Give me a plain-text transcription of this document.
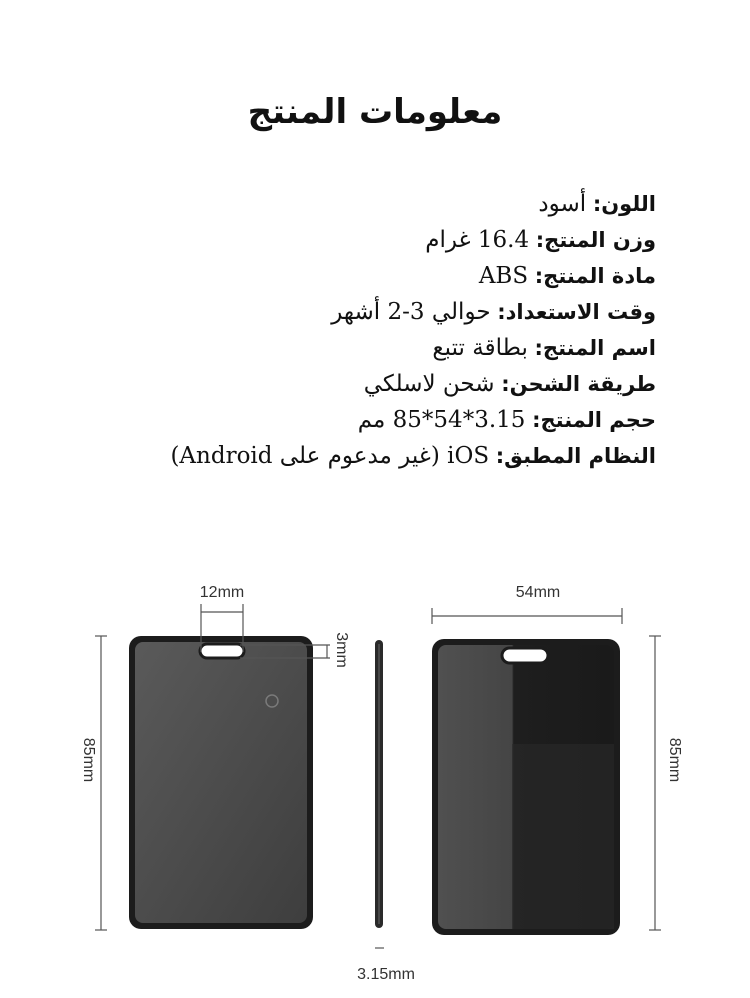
معلومات المنتج
اللون: أسود
وزن المنتج: 16.4 غرام
مادة المنتج: ABS
وقت الاستعداد: حوالي 3-2 أشهر
اسم المنتج: بطاقة تتبع
طريقة الشحن: شحن لاسلكي
حجم المنتج: 3.15*54*85 مم
النظام المطبق: iOS (غير مدعوم على Android)
12mm
3mm
85mm
3.15mm
54mm
85mm
